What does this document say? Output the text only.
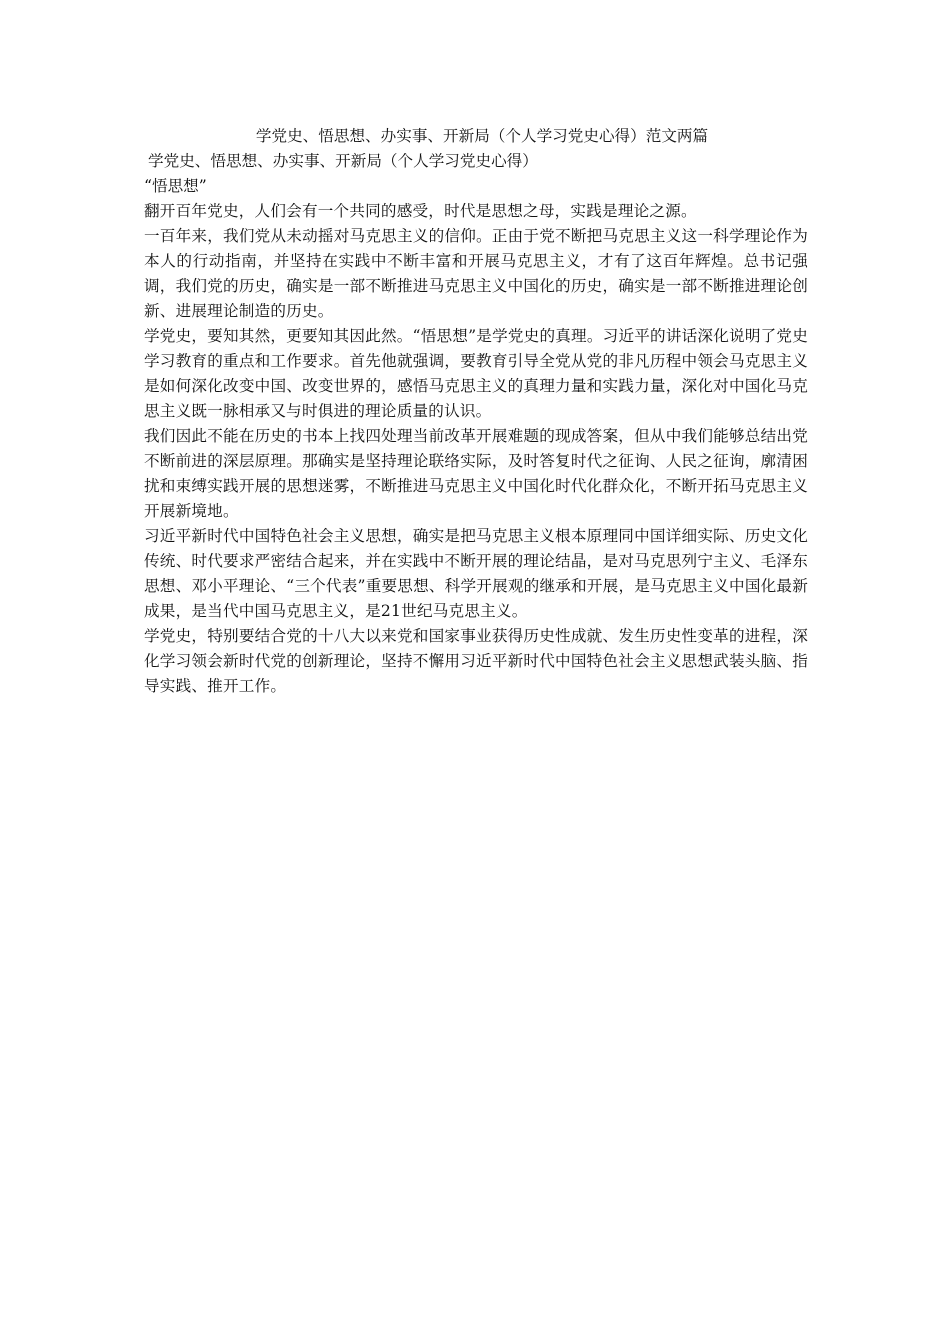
学党史、悟思想、办实事、开新局（个人学习党史心得）范文两篇
学党史、悟思想、办实事、开新局（个人学习党史心得）

“悟思想”

翻开百年党史，人们会有一个共同的感受，时代是思想之母，实践是理论之源。

一百年来，我们党从未动摇对马克思主义的信仰。正由于党不断把马克思主义这一科学理论作为本人的行动指南，并坚持在实践中不断丰富和开展马克思主义，才有了这百年辉煌。总书记强调，我们党的历史，确实是一部不断推进马克思主义中国化的历史，确实是一部不断推进理论创新、进展理论制造的历史。

学党史，要知其然，更要知其因此然。“悟思想”是学党史的真理。习近平的讲话深化说明了党史学习教育的重点和工作要求。首先他就强调，要教育引导全党从党的非凡历程中领会马克思主义是如何深化改变中国、改变世界的，感悟马克思主义的真理力量和实践力量，深化对中国化马克思主义既一脉相承又与时俱进的理论质量的认识。

我们因此不能在历史的书本上找四处理当前改革开展难题的现成答案，但从中我们能够总结出党不断前进的深层原理。那确实是坚持理论联络实际，及时答复时代之征询、人民之征询，廓清困扰和束缚实践开展的思想迷雾，不断推进马克思主义中国化时代化群众化，不断开拓马克思主义开展新境地。

习近平新时代中国特色社会主义思想，确实是把马克思主义根本原理同中国详细实际、历史文化传统、时代要求严密结合起来，并在实践中不断开展的理论结晶，是对马克思列宁主义、毛泽东思想、邓小平理论、“三个代表”重要思想、科学开展观的继承和开展，是马克思主义中国化最新成果，是当代中国马克思主义，是21世纪马克思主义。

学党史，特别要结合党的十八大以来党和国家事业获得历史性成就、发生历史性变革的进程，深化学习领会新时代党的创新理论，坚持不懈用习近平新时代中国特色社会主义思想武装头脑、指导实践、推开工作。
